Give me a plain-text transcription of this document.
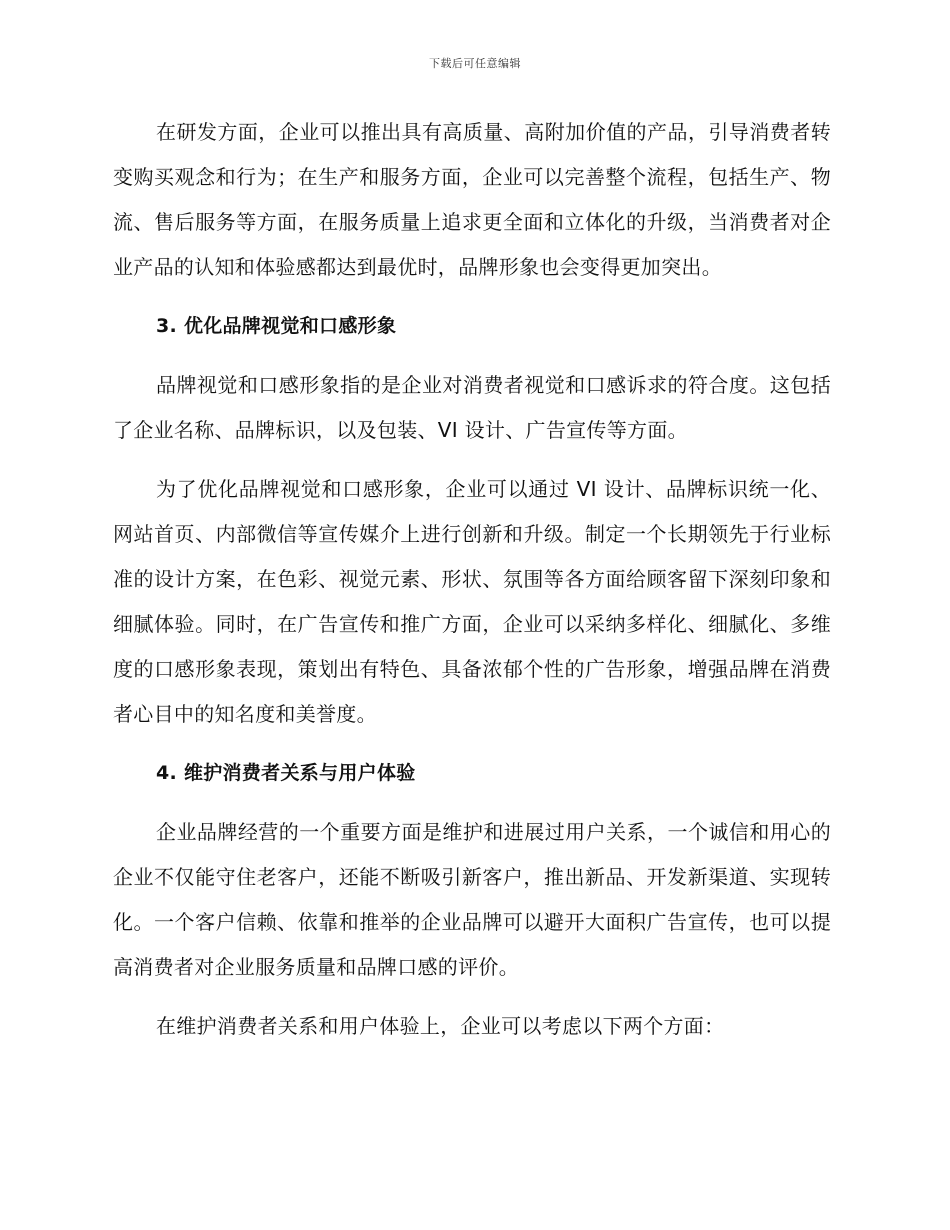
下载后可任意编辑

在研发方面，企业可以推出具有高质量、高附加价值的产品，引导消费者转变购买观念和行为；在生产和服务方面，企业可以完善整个流程，包括生产、物流、售后服务等方面，在服务质量上追求更全面和立体化的升级，当消费者对企业产品的认知和体验感都达到最优时，品牌形象也会变得更加突出。

3. 优化品牌视觉和口感形象

品牌视觉和口感形象指的是企业对消费者视觉和口感诉求的符合度。这包括了企业名称、品牌标识，以及包装、VI 设计、广告宣传等方面。

为了优化品牌视觉和口感形象，企业可以通过 VI 设计、品牌标识统一化、网站首页、内部微信等宣传媒介上进行创新和升级。制定一个长期领先于行业标准的设计方案，在色彩、视觉元素、形状、氛围等各方面给顾客留下深刻印象和细腻体验。同时，在广告宣传和推广方面，企业可以采纳多样化、细腻化、多维度的口感形象表现，策划出有特色、具备浓郁个性的广告形象，增强品牌在消费者心目中的知名度和美誉度。

4. 维护消费者关系与用户体验

企业品牌经营的一个重要方面是维护和进展过用户关系，一个诚信和用心的企业不仅能守住老客户，还能不断吸引新客户，推出新品、开发新渠道、实现转化。一个客户信赖、依靠和推举的企业品牌可以避开大面积广告宣传，也可以提高消费者对企业服务质量和品牌口感的评价。

在维护消费者关系和用户体验上，企业可以考虑以下两个方面：
